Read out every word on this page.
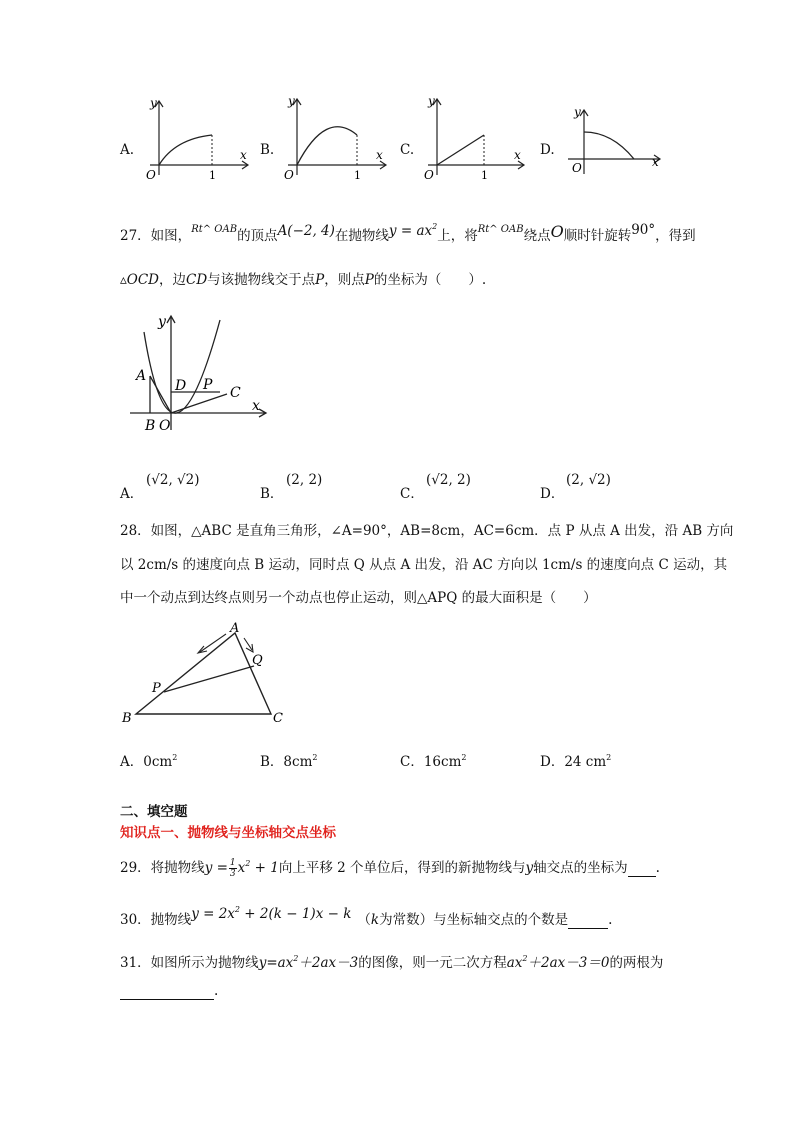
A.
y
x
O	1
B.
y
x
O	1
C.
y
x
O	1
D.
y
x
O
27．如图，$^{Rt\^{} OAB}$的顶点A(−2, 4)在抛物线$y = ax^2$上，将$^{Rt\^{} OAB}$绕点O顺时针旋转90°，得到
▵OCD，边CD与该抛物线交于点P，则点P的坐标为（　　）.
y
x
A
B O
D P C
A．
(√2, √2)
B．
(2, 2)
C．
(√2, 2)
D．
(2, √2)
28．如图，△ABC 是直角三角形，∠A=90°，AB=8cm，AC=6cm．点 P 从点 A 出发，沿 AB 方向
以 2cm/s 的速度向点 B 运动，同时点 Q 从点 A 出发，沿 AC 方向以 1cm/s 的速度向点 C 运动，其
中一个动点到达终点则另一个动点也停止运动，则△APQ 的最大面积是（　　）
A
B	C
P
Q
A．$0cm^2$	B．$8cm^2$	C．$16cm^2$	D．24 $cm^2$
二、填空题
知识点一、抛物线与坐标轴交点坐标
29．将抛物线$y = \frac{1}{3} x^2 + 1$向上平移 2 个单位后，得到的新抛物线与y轴交点的坐标为 .
30．抛物线$y = 2x^2 + 2(k - 1)x - k$ （k为常数）与坐标轴交点的个数是	.
31．如图所示为抛物线$y=ax^2+2ax-3$的图像，则一元二次方程$ax^2+2ax-3=0$的两根为
.
